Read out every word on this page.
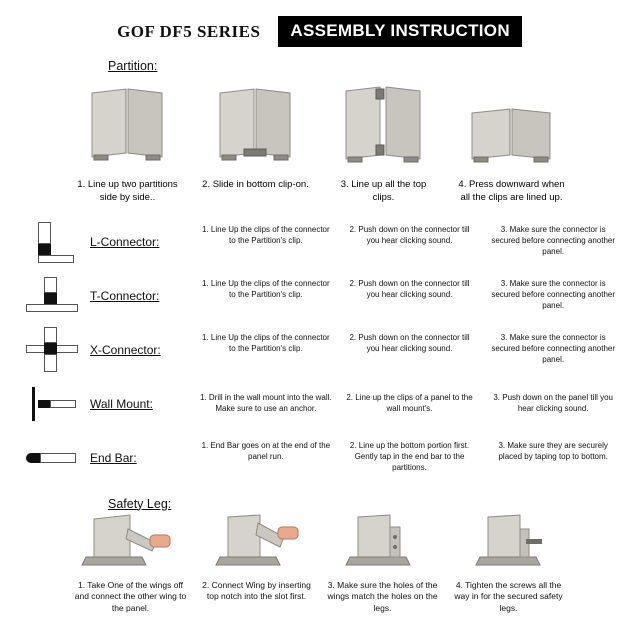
GOF DF5 SERIES	ASSEMBLY INSTRUCTION
Partition:
1. Line up two partitions side by side..
2. Slide in bottom clip-on.	3. Line up all the top clips.
4. Press downward when all the clips are lined up.
L-Connector:
1. Line Up the clips of the connector to the Partition's clip.
2. Push down on the connector till you hear clicking sound.
3. Make sure the connector is secured before connecting another panel.
T-Connector:
1. Line Up the clips of the connector to the Partition's clip.
2. Push down on the connector till you hear clicking sound.
3. Make sure the connector is secured before connecting another panel.
X-Connector:
1. Line Up the clips of the connector to the Partition's clip.
2. Push down on the connector till you hear clicking sound.
3. Make sure the connector is secured before connecting another panel.
Wall Mount:	1. Drill in the wall mount into the wall. Make sure to use an anchor.
2. Line up the clips of a panel to the wall mount's.
3. Push down on the panel till you hear clicking sound.
End Bar:
1. End Bar goes on at the end of the panel run.
2. Line up the bottom portion first. Gently tap in the end bar to the partitions.
3. Make sure they are securely placed by taping top to bottom.
Safety Leg:
1. Take One of the wings off and connect the other wing to the panel.
2. Connect Wing by inserting top notch into the slot first.
3. Make sure the holes of the wings match the holes on the legs.
4. Tighten the screws all the way in for the secured safety legs.
